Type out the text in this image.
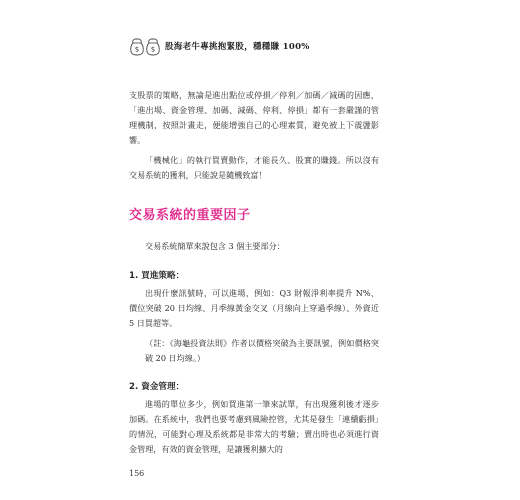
$ $ 股海老牛專挑抱緊股，穩穩賺 100%

支股票的策略，無論是進出點位或停損／停利／加碼／減碼的因應，「進出場、資金管理、加碼、減碼、停利、停損」都有一套嚴謹的管理機制，按照計畫走，便能增強自己的心理素質，避免被上下震盪影響。

「機械化」的執行買賣動作，才能長久、股實的賺錢。所以沒有交易系統的獲利，只能說是隨機致富！

交易系統的重要因子

交易系統簡單來說包含 3 個主要部分：

1. 買進策略：

出現什麼訊號時，可以進場，例如：Q3 財報淨利率提升 N%、價位突破 20 日均線、月季線黃金交叉（月線向上穿過季線）、外資近 5 日買超等。

（註：《海龜投資法則》作者以價格突破為主要訊號，例如價格突破 20 日均線。）

2. 資金管理：

進場的單位多少，例如買進第一筆來試單，有出現獲利後才逐步加碼。在系統中，我們也要考慮到風險控管，尤其是發生「連續虧損」的情況，可能對心理及系統都是非常大的考驗；賣出時也必須進行資金管理，有效的資金管理，是讓獲利擴大的

156
